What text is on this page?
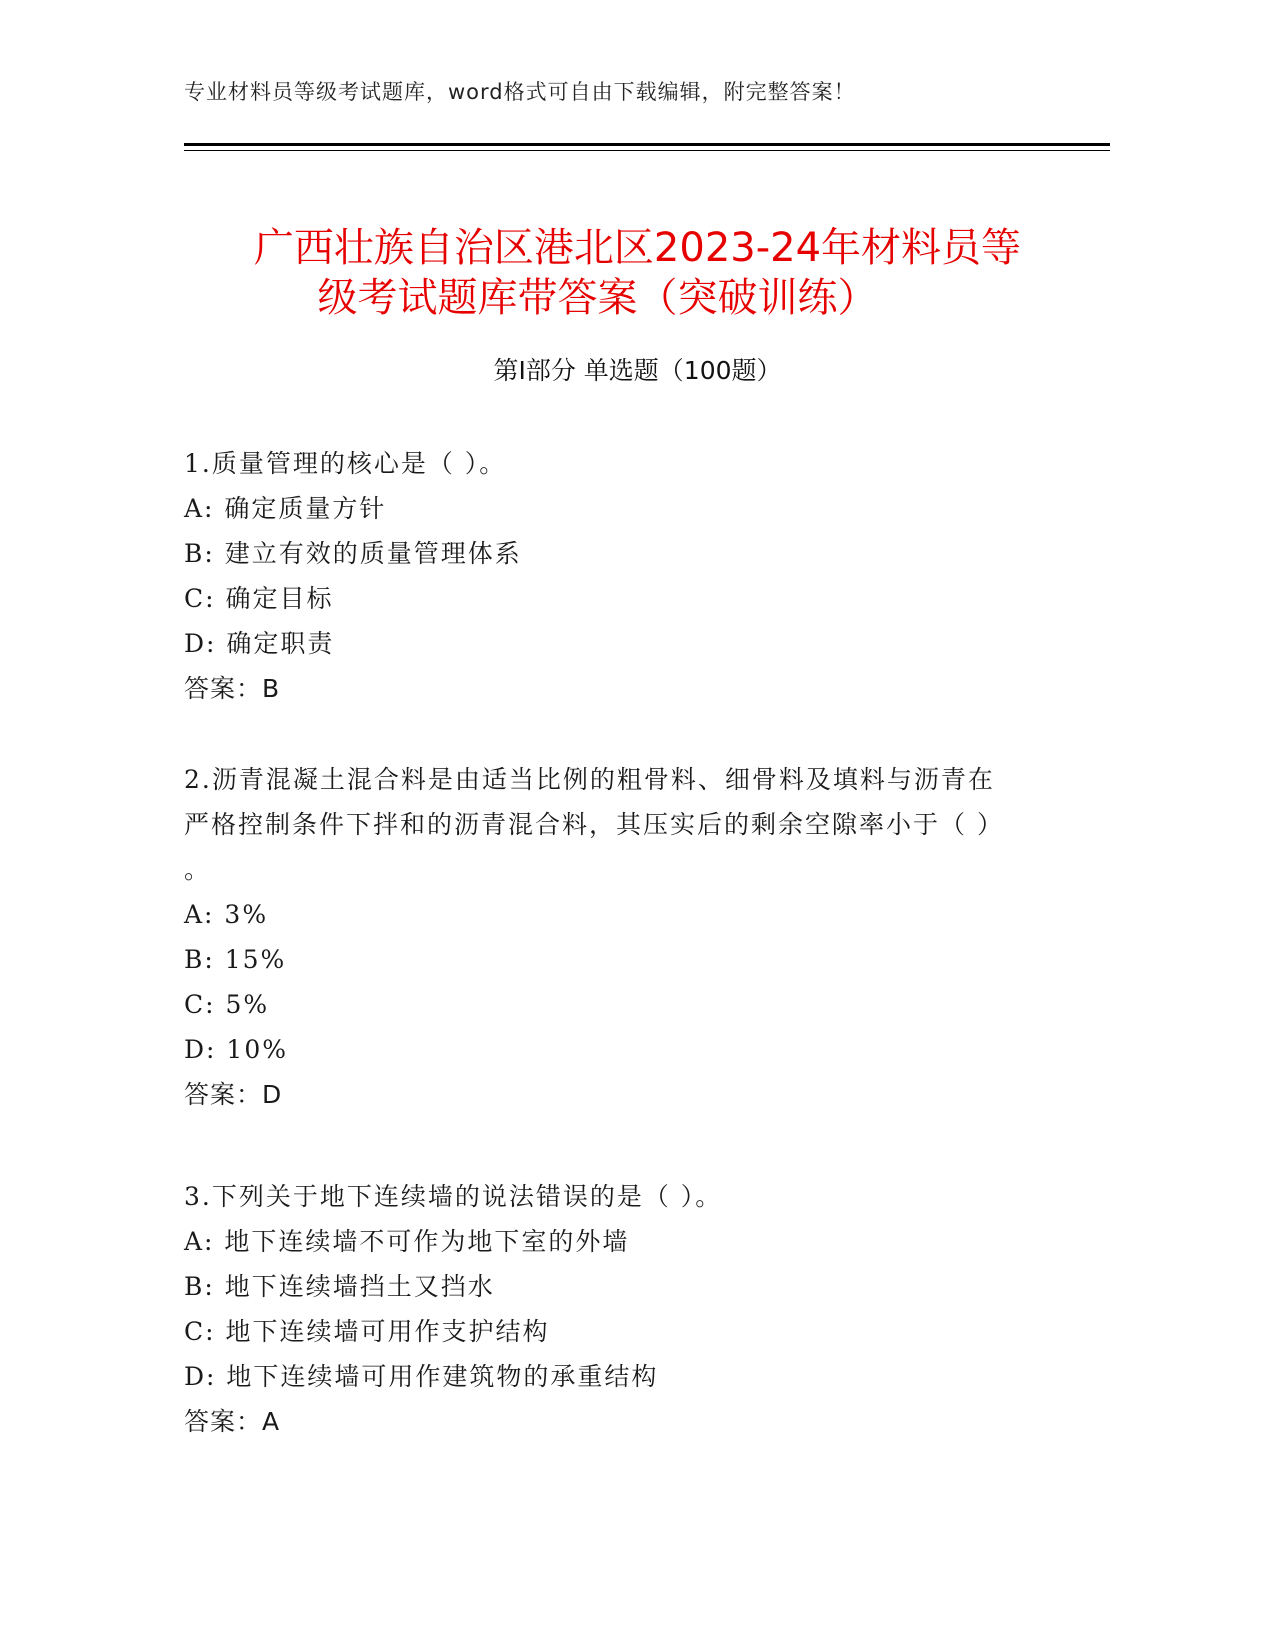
专业材料员等级考试题库，word格式可自由下载编辑，附完整答案！
广西壮族自治区港北区2023-24年材料员等

级考试题库带答案（突破训练）
第I部分 单选题（100题）
1.质量管理的核心是（ ）。
A: 确定质量方针
B: 建立有效的质量管理体系
C: 确定目标
D: 确定职责
答案：B
2.沥青混凝土混合料是由适当比例的粗骨料、细骨料及填料与沥青在
严格控制条件下拌和的沥青混合料，其压实后的剩余空隙率小于（ ）
。
A: 3%
B: 15%
C: 5%
D: 10%
答案：D
3.下列关于地下连续墙的说法错误的是（ ）。
A: 地下连续墙不可作为地下室的外墙
B: 地下连续墙挡土又挡水
C: 地下连续墙可用作支护结构
D: 地下连续墙可用作建筑物的承重结构
答案：A
